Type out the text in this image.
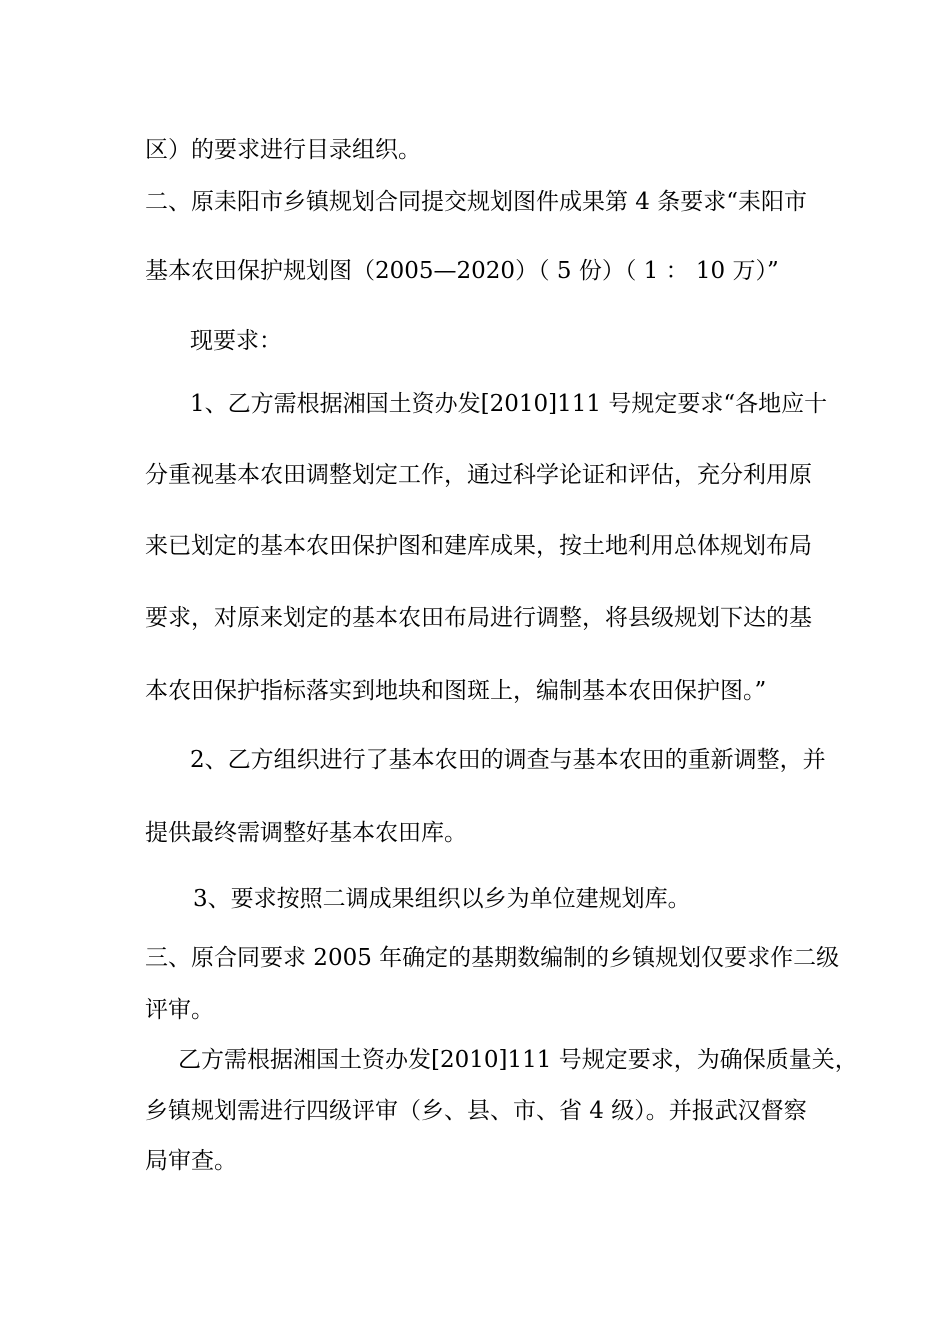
区）的要求进行目录组织。
二、原耒阳市乡镇规划合同提交规划图件成果第 4 条要求“耒阳市
基本农田保护规划图（2005—2020）（ 5 份）（ 1 ： 10 万）”
现要求：
1、乙方需根据湘国土资办发[2010]111 号规定要求“各地应十
分重视基本农田调整划定工作，通过科学论证和评估，充分利用原
来已划定的基本农田保护图和建库成果，按土地利用总体规划布局
要求，对原来划定的基本农田布局进行调整，将县级规划下达的基
本农田保护指标落实到地块和图斑上，编制基本农田保护图。”
2、乙方组织进行了基本农田的调查与基本农田的重新调整，并
提供最终需调整好基本农田库。
3、要求按照二调成果组织以乡为单位建规划库。
三、原合同要求 2005 年确定的基期数编制的乡镇规划仅要求作二级
评审。
乙方需根据湘国土资办发[2010]111 号规定要求，为确保质量关，
乡镇规划需进行四级评审（乡、县、市、省 4 级）。并报武汉督察
局审查。
